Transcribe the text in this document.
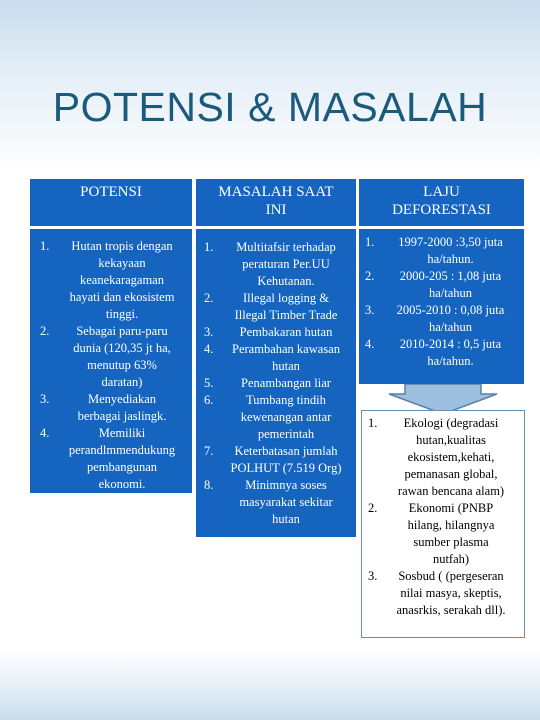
POTENSI & MASALAH
POTENSI	MASALAH SAAT
INI
LAJU
DEFORESTASI
1.	Hutan tropis dengan
kekayaan
keanekaragaman
hayati dan ekosistem
tinggi.
2.	Sebagai paru-paru
dunia (120,35 jt ha,
menutup 63%
daratan)
3.	Menyediakan
berbagai jaslingk.
4.	Memiliki
perandlmmendukung
pembangunan
ekonomi.
1.	Multitafsir terhadap
peraturan Per.UU
Kehutanan.
2.	Illegal logging &
Illegal Timber Trade
3.	Pembakaran hutan
4.	Perambahan kawasan
hutan
5.	Penambangan liar
6.	Tumbang tindih
kewenangan antar
pemerintah
7.	Keterbatasan jumlah
POLHUT (7.519 Org)
8.	Minimnya soses
masyarakat sekitar
hutan
1.	1997-2000 :3,50 juta
ha/tahun.
2.	2000-205 : 1,08 juta
ha/tahun
3.	2005-2010 : 0,08 juta
ha/tahun
4.	2010-2014 : 0,5 juta
ha/tahun.
1.	Ekologi (degradasi
hutan,kualitas
ekosistem,kehati,
pemanasan global,
rawan bencana alam)
2.	Ekonomi (PNBP
hilang, hilangnya
sumber plasma
nutfah)
3.	Sosbud ( (pergeseran
nilai masya, skeptis,
anasrkis, serakah dll).
